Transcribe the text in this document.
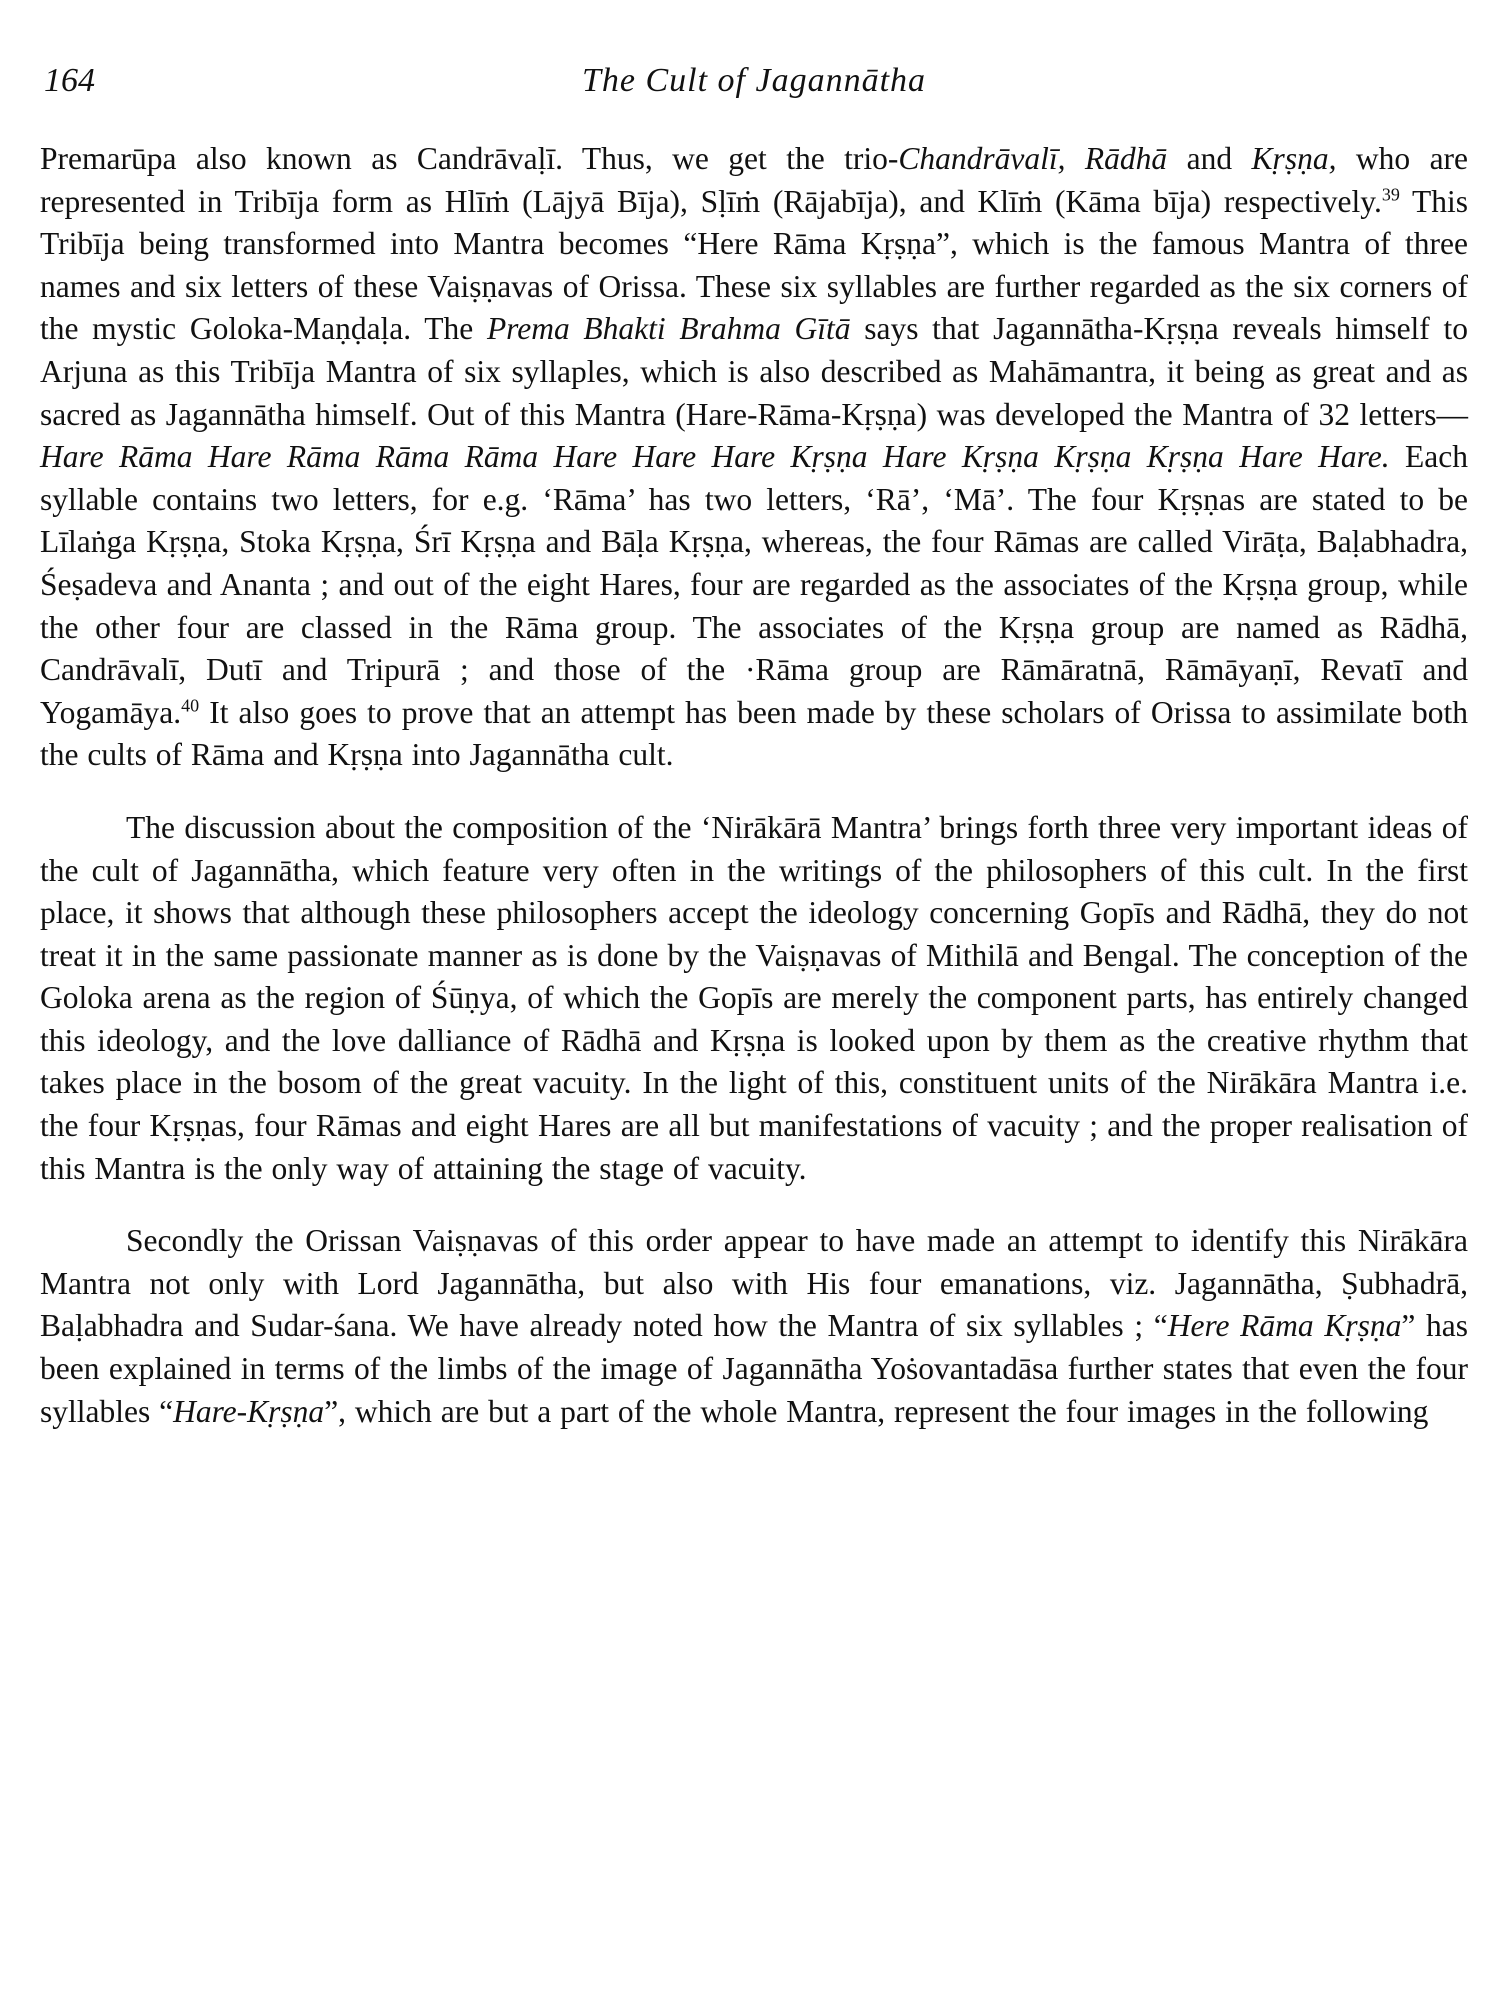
164	The Cult of Jagannātha

Premarūpa also known as Candrāvaḷī. Thus, we get the trio-Chandrāvalī, Rādhā and Kṛṣṇa, who are represented in Tribīja form as Hlīṁ (Lājyā Bīja), Sḷīṁ (Rājabīja), and Klīṁ (Kāma bīja) respectively.$^{39}$ This Tribīja being transformed into Mantra becomes “Here Rāma Kṛṣṇa”, which is the famous Mantra of three names and six letters of these Vaiṣṇavas of Orissa. These six syllables are further regarded as the six corners of the mystic Goloka-Maṇḍaḷa. The Prema Bhakti Brahma Gītā says that Jagannātha-Kṛṣṇa reveals himself to Arjuna as this Tribīja Mantra of six syllaples, which is also described as Mahāmantra, it being as great and as sacred as Jagannātha himself. Out of this Mantra (Hare-Rāma-Kṛṣṇa) was developed the Mantra of 32 letters—Hare Rāma Hare Rāma Rāma Rāma Hare Hare Hare Kṛṣṇa Hare Kṛṣṇa Kṛṣṇa Kṛṣṇa Hare Hare. Each syllable contains two letters, for e.g. ‘Rāma’ has two letters, ‘Rā’, ‘Mā’. The four Kṛṣṇas are stated to be Līlaṅga Kṛṣṇa, Stoka Kṛṣṇa, Śrī Kṛṣṇa and Bāḷa Kṛṣṇa, whereas, the four Rāmas are called Virāṭa, Baḷabhadra, Śeṣadeva and Ananta ; and out of the eight Hares, four are regarded as the associates of the Kṛṣṇa group, while the other four are classed in the Rāma group. The associates of the Kṛṣṇa group are named as Rādhā, Candrāvalī, Dutī and Tripurā ; and those of the ·Rāma group are Rāmāratnā, Rāmāyaṇī, Revatī and Yogamāya.$^{40}$ It also goes to prove that an attempt has been made by these scholars of Orissa to assimilate both the cults of Rāma and Kṛṣṇa into Jagannātha cult.

The discussion about the composition of the ‘Nirākārā Mantra’ brings forth three very important ideas of the cult of Jagannātha, which feature very often in the writings of the philosophers of this cult. In the first place, it shows that although these philosophers accept the ideology concerning Gopīs and Rādhā, they do not treat it in the same passionate manner as is done by the Vaiṣṇavas of Mithilā and Bengal. The conception of the Goloka arena as the region of Śūṇya, of which the Gopīs are merely the component parts, has entirely changed this ideology, and the love dalliance of Rādhā and Kṛṣṇa is looked upon by them as the creative rhythm that takes place in the bosom of the great vacuity. In the light of this, constituent units of the Nirākāra Mantra i.e. the four Kṛṣṇas, four Rāmas and eight Hares are all but manifestations of vacuity ; and the proper realisation of this Mantra is the only way of attaining the stage of vacuity.

Secondly the Orissan Vaiṣṇavas of this order appear to have made an attempt to identify this Nirākāra Mantra not only with Lord Jagannātha, but also with His four emanations, viz. Jagannātha, Ṣubhadrā, Baḷabhadra and Sudar-śana. We have already noted how the Mantra of six syllables ; “Here Rāma Kṛṣṇa” has been explained in terms of the limbs of the image of Jagannātha Yoṡovantadāsa further states that even the four syllables “Hare-Kṛṣṇa”, which are but a part of the whole Mantra, represent the four images in the following
